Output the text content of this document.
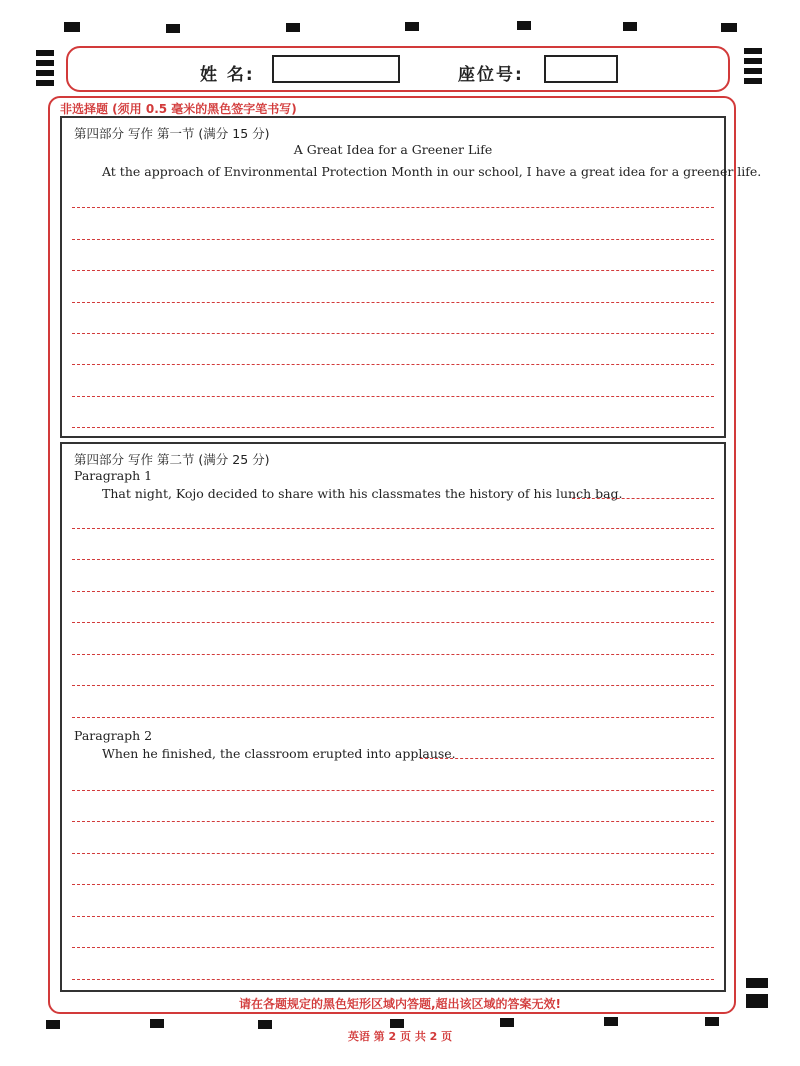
姓 名:	座位号:
非选择题 (须用 0.5 毫米的黑色签字笔书写)
第四部分 写作 第一节 (满分 15 分)
A Great Idea for a Greener Life
At the approach of Environmental Protection Month in our school, I have a great idea for a greener life.
第四部分 写作 第二节 (满分 25 分)
Paragraph 1
That night, Kojo decided to share with his classmates the history of his lunch bag.
Paragraph 2
When he finished, the classroom erupted into applause.
请在各题规定的黑色矩形区域内答题,超出该区域的答案无效!
英语 第 2 页 共 2 页
